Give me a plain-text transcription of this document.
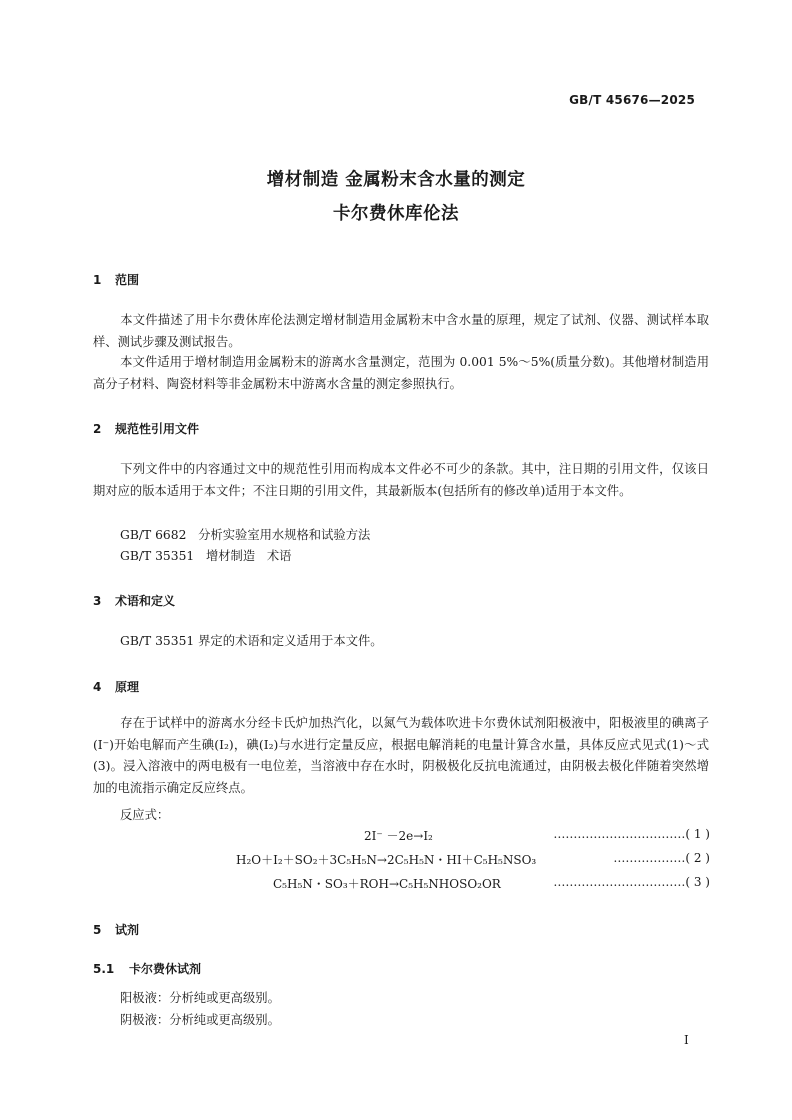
GB/T 45676—2025
增材制造 金属粉末含水量的测定
卡尔费休库伦法
1 范围
本文件描述了用卡尔费休库伦法测定增材制造用金属粉末中含水量的原理，规定了试剂、仪器、测试样本取样、测试步骤及测试报告。
本文件适用于增材制造用金属粉末的游离水含量测定，范围为 0.001 5%～5%(质量分数)。其他增材制造用高分子材料、陶瓷材料等非金属粉末中游离水含量的测定参照执行。
2 规范性引用文件
下列文件中的内容通过文中的规范性引用而构成本文件必不可少的条款。其中，注日期的引用文件，仅该日期对应的版本适用于本文件；不注日期的引用文件，其最新版本(包括所有的修改单)适用于本文件。
GB/T 6682   分析实验室用水规格和试验方法
GB/T 35351   增材制造   术语
3 术语和定义
GB/T 35351 界定的术语和定义适用于本文件。
4 原理
存在于试样中的游离水分经卡氏炉加热汽化，以氮气为载体吹进卡尔费休试剂阳极液中，阳极液里的碘离子(I⁻)开始电解而产生碘(I₂)，碘(I₂)与水进行定量反应，根据电解消耗的电量计算含水量，具体反应式见式(1)～式(3)。浸入溶液中的两电极有一电位差，当溶液中存在水时，阴极极化反抗电流通过，由阴极去极化伴随着突然增加的电流指示确定反应终点。
反应式：
2I⁻ －2e→I₂	……………………………( 1 )
H₂O＋I₂＋SO₂＋3C₅H₅N→2C₅H₅N・HI＋C₅H₅NSO₃	………………( 2 )
C₅H₅N・SO₃＋ROH→C₅H₅NHOSO₂OR	……………………………( 3 )
5 试剂
5.1 卡尔费休试剂
阳极液：分析纯或更高级别。
阴极液：分析纯或更高级别。
I
